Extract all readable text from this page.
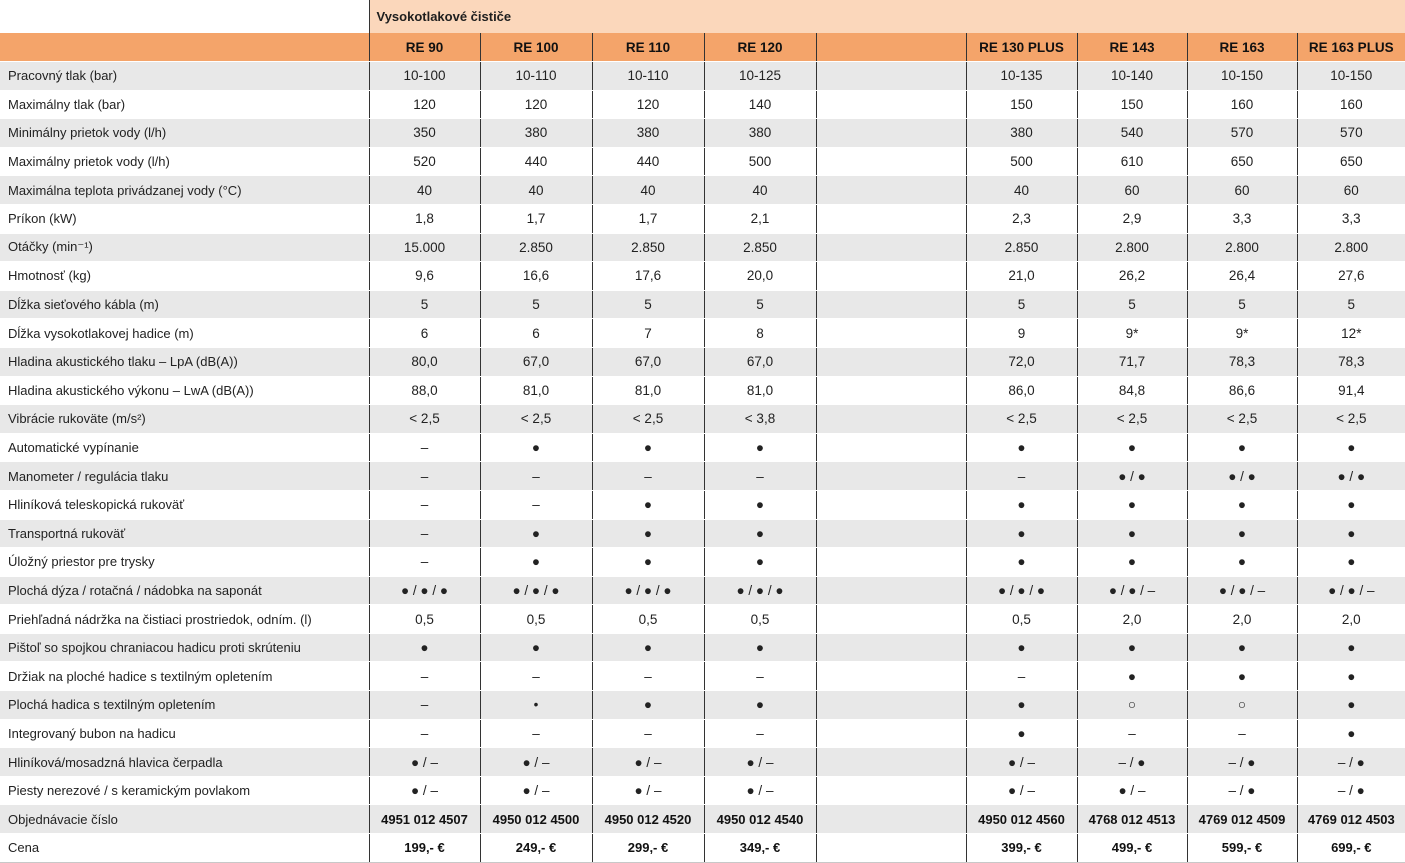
	Vysokotlakové čističe								
	RE 90	RE 100	RE 110	RE 120		RE 130 PLUS	RE 143	RE 163	RE 163 PLUS
Pracovný tlak (bar)	10-100	10-110	10-110	10-125		10-135	10-140	10-150	10-150
Maximálny tlak (bar)	120	120	120	140		150	150	160	160
Minimálny prietok vody (l/h)	350	380	380	380		380	540	570	570
Maximálny prietok vody (l/h)	520	440	440	500		500	610	650	650
Maximálna teplota privádzanej vody (°C)	40	40	40	40		40	60	60	60
Príkon (kW)	1,8	1,7	1,7	2,1		2,3	2,9	3,3	3,3
Otáčky (min⁻¹)	15.000	2.850	2.850	2.850		2.850	2.800	2.800	2.800
Hmotnosť (kg)	9,6	16,6	17,6	20,0		21,0	26,2	26,4	27,6
Dĺžka sieťového kábla (m)	5	5	5	5		5	5	5	5
Dĺžka vysokotlakovej hadice (m)	6	6	7	8		9	9*	9*	12*
Hladina akustického tlaku – LpA (dB(A))	80,0	67,0	67,0	67,0		72,0	71,7	78,3	78,3
Hladina akustického výkonu – LwA (dB(A))	88,0	81,0	81,0	81,0		86,0	84,8	86,6	91,4
Vibrácie rukoväte (m/s²)	< 2,5	< 2,5	< 2,5	< 3,8		< 2,5	< 2,5	< 2,5	< 2,5
Automatické vypínanie	–	●	●	●		●	●	●	●
Manometer / regulácia tlaku	–	–	–	–		–	● / ●	● / ●	● / ●
Hliníková teleskopická rukoväť	–	–	●	●		●	●	●	●
Transportná rukoväť	–	●	●	●		●	●	●	●
Úložný priestor pre trysky	–	●	●	●		●	●	●	●
Plochá dýza / rotačná / nádobka na saponát	● / ● / ●	● / ● / ●	● / ● / ●	● / ● / ●		● / ● / ●	● / ● / –	● / ● / –	● / ● / –
Priehľadná nádržka na čistiaci prostriedok, odním. (l)	0,5	0,5	0,5	0,5		0,5	2,0	2,0	2,0
Pištoľ so spojkou chraniacou hadicu proti skrúteniu	●	●	●	●		●	●	●	●
Držiak na ploché hadice s textilným opletením	–	–	–	–		–	●	●	●
Plochá hadica s textilným opletením	–	•	●	●		●	○	○	●
Integrovaný bubon na hadicu	–	–	–	–		●	–	–	●
Hliníková/mosadzná hlavica čerpadla	● / –	● / –	● / –	● / –		● / –	– / ●	– / ●	– / ●
Piesty nerezové / s keramickým povlakom	● / –	● / –	● / –	● / –		● / –	● / –	– / ●	– / ●
Objednávacie číslo	4951 012 4507	4950 012 4500	4950 012 4520	4950 012 4540		4950 012 4560	4768 012 4513	4769 012 4509	4769 012 4503
Cena	199,- €	249,- €	299,- €	349,- €		399,- €	499,- €	599,- €	699,- €
